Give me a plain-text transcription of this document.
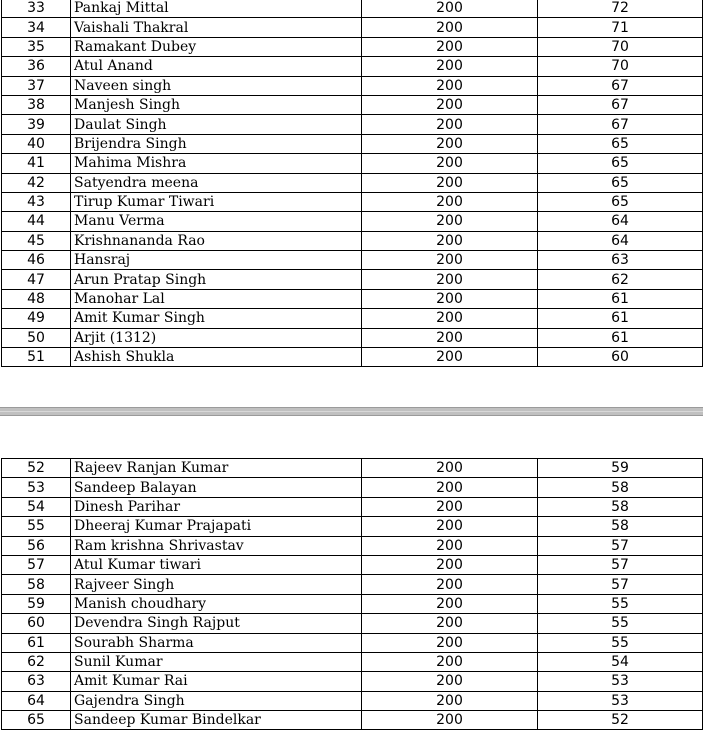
33	Pankaj Mittal	200	72
34	Vaishali Thakral	200	71
35	Ramakant Dubey	200	70
36	Atul Anand	200	70
37	Naveen singh	200	67
38	Manjesh Singh	200	67
39	Daulat Singh	200	67
40	Brijendra Singh	200	65
41	Mahima Mishra	200	65
42	Satyendra meena	200	65
43	Tirup Kumar Tiwari	200	65
44	Manu Verma	200	64
45	Krishnananda Rao	200	64
46	Hansraj	200	63
47	Arun Pratap Singh	200	62
48	Manohar Lal	200	61
49	Amit Kumar Singh	200	61
50	Arjit (1312)	200	61
51	Ashish Shukla	200	60
52	Rajeev Ranjan Kumar	200	59
53	Sandeep Balayan	200	58
54	Dinesh Parihar	200	58
55	Dheeraj Kumar Prajapati	200	58
56	Ram krishna Shrivastav	200	57
57	Atul Kumar tiwari	200	57
58	Rajveer Singh	200	57
59	Manish choudhary	200	55
60	Devendra Singh Rajput	200	55
61	Sourabh Sharma	200	55
62	Sunil Kumar	200	54
63	Amit Kumar Rai	200	53
64	Gajendra Singh	200	53
65	Sandeep Kumar Bindelkar	200	52
